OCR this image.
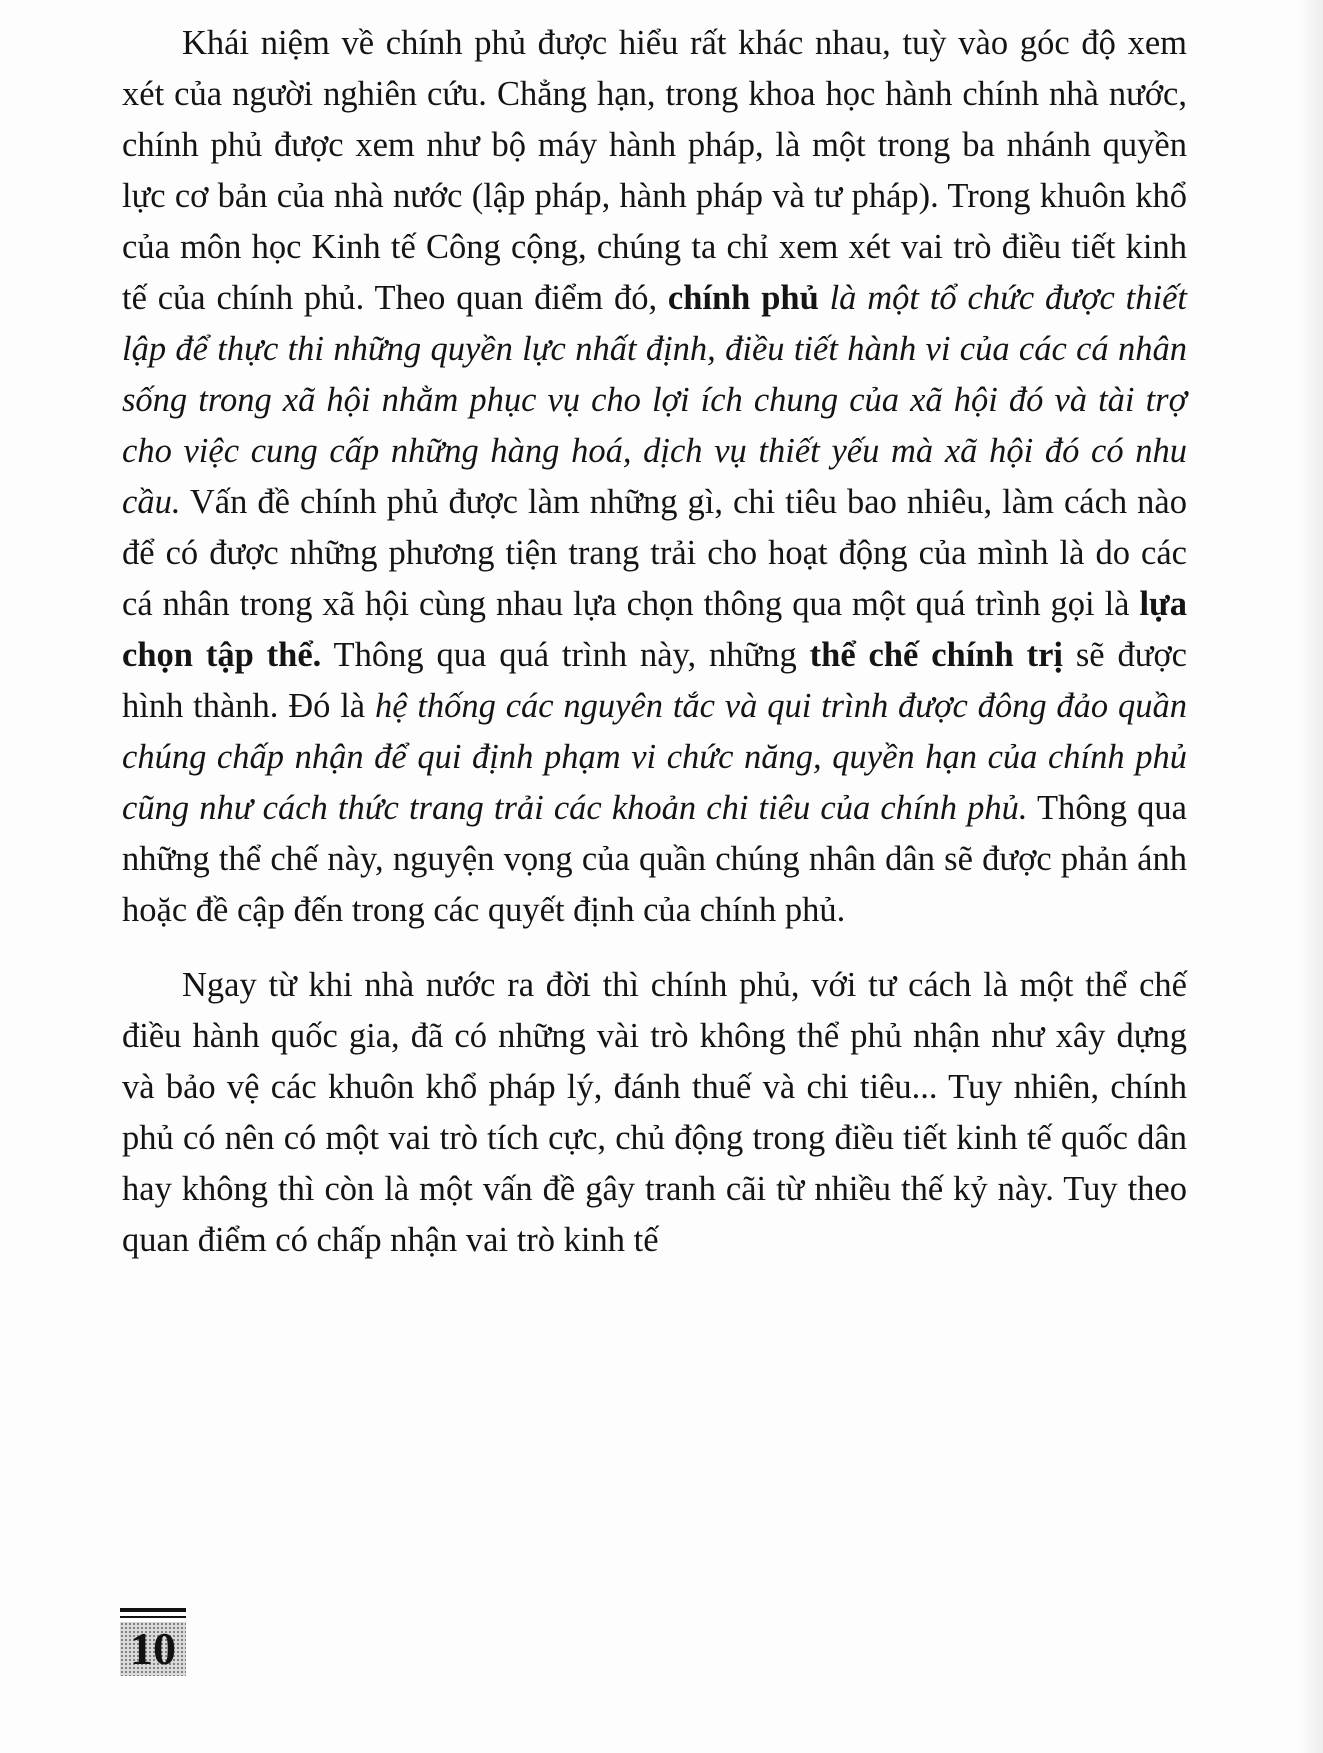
Khái niệm về chính phủ được hiểu rất khác nhau, tuỳ vào góc độ xem xét của người nghiên cứu. Chẳng hạn, trong khoa học hành chính nhà nước, chính phủ được xem như bộ máy hành pháp, là một trong ba nhánh quyền lực cơ bản của nhà nước (lập pháp, hành pháp và tư pháp). Trong khuôn khổ của môn học Kinh tế Công cộng, chúng ta chỉ xem xét vai trò điều tiết kinh tế của chính phủ. Theo quan điểm đó, chính phủ là một tổ chức được thiết lập để thực thi những quyền lực nhất định, điều tiết hành vi của các cá nhân sống trong xã hội nhằm phục vụ cho lợi ích chung của xã hội đó và tài trợ cho việc cung cấp những hàng hoá, dịch vụ thiết yếu mà xã hội đó có nhu cầu. Vấn đề chính phủ được làm những gì, chi tiêu bao nhiêu, làm cách nào để có được những phương tiện trang trải cho hoạt động của mình là do các cá nhân trong xã hội cùng nhau lựa chọn thông qua một quá trình gọi là lựa chọn tập thể. Thông qua quá trình này, những thể chế chính trị sẽ được hình thành. Đó là hệ thống các nguyên tắc và qui trình được đông đảo quần chúng chấp nhận để qui định phạm vi chức năng, quyền hạn của chính phủ cũng như cách thức trang trải các khoản chi tiêu của chính phủ. Thông qua những thể chế này, nguyện vọng của quần chúng nhân dân sẽ được phản ánh hoặc đề cập đến trong các quyết định của chính phủ.

Ngay từ khi nhà nước ra đời thì chính phủ, với tư cách là một thể chế điều hành quốc gia, đã có những vài trò không thể phủ nhận như xây dựng và bảo vệ các khuôn khổ pháp lý, đánh thuế và chi tiêu... Tuy nhiên, chính phủ có nên có một vai trò tích cực, chủ động trong điều tiết kinh tế quốc dân hay không thì còn là một vấn đề gây tranh cãi từ nhiều thế kỷ này. Tuy theo quan điểm có chấp nhận vai trò kinh tế

10
